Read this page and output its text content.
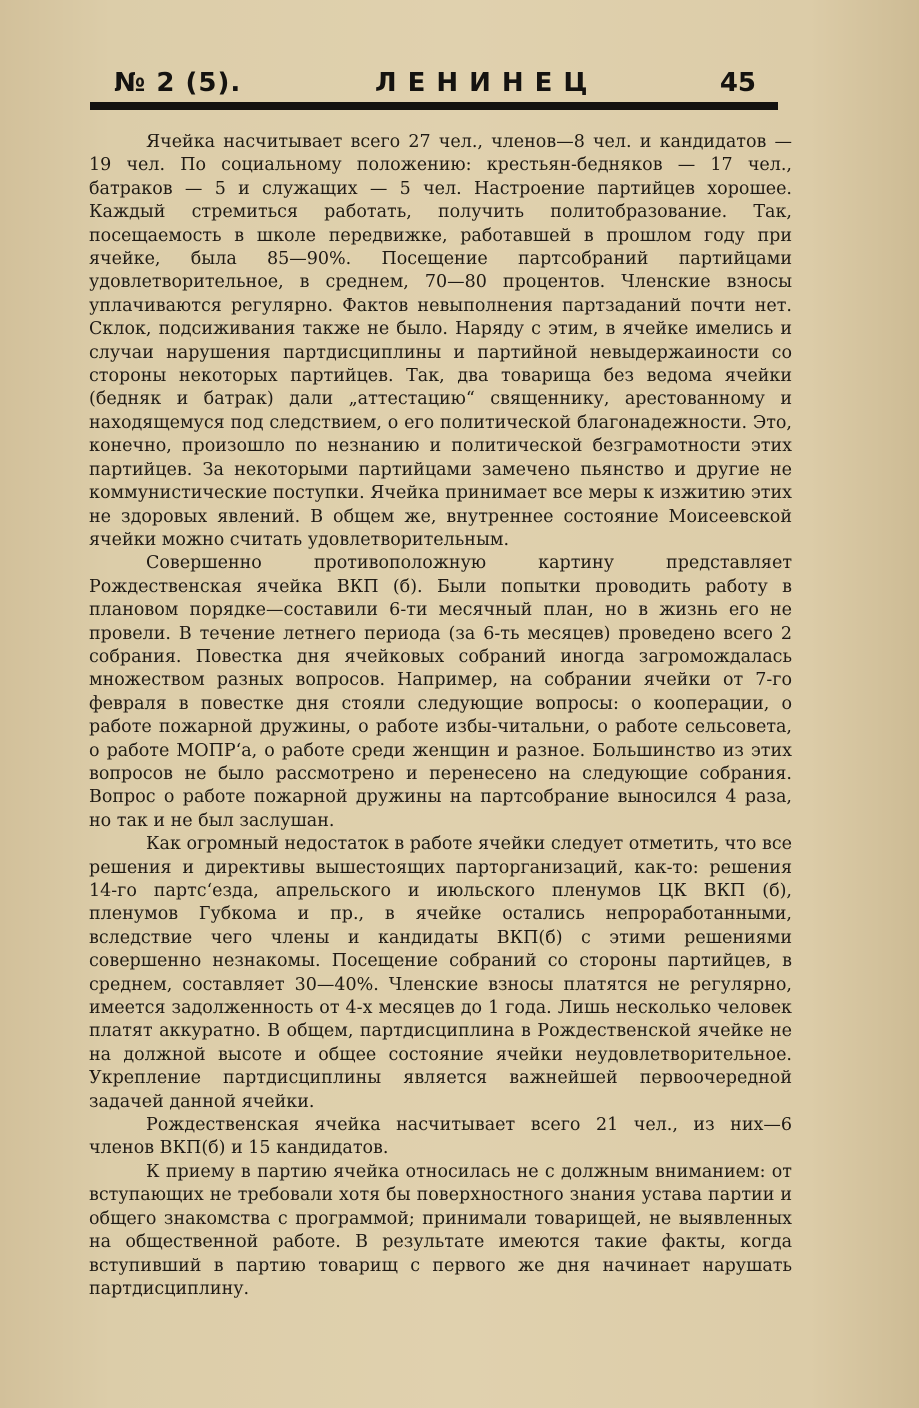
№ 2 (5).	ЛЕНИНЕЦ	45

Ячейка насчитывает всего 27 чел., членов—8 чел. и кандидатов — 19 чел. По социальному положению: крестьян-бедняков — 17 чел., батраков — 5 и служащих — 5 чел. Настроение партийцев хорошее. Каждый стремиться работать, получить политобразование. Так, посещаемость в школе передвижке, работавшей в прошлом году при ячейке, была 85—90%. Посещение партсобраний партийцами удовлетворительное, в среднем, 70—80 процентов. Членские взносы уплачиваются регулярно. Фактов невыполнения партзаданий почти нет. Склок, подсиживания также не было. Наряду с этим, в ячейке имелись и случаи нарушения партдисциплины и партийной невыдержаиности со стороны некоторых партийцев. Так, два товарища без ведома ячейки (бедняк и батрак) дали „аттестацию“ священнику, арестованному и находящемуся под следствием, о его политической благонадежности. Это, конечно, произошло по незнанию и политической безграмотности этих партийцев. За некоторыми партийцами замечено пьянство и другие не коммунистические поступки. Ячейка принимает все меры к изжитию этих не здоровых явлений. В общем же, внутреннее состояние Моисеевской ячейки можно считать удовлетворительным.

Совершенно противоположную картину представляет Рождественская ячейка ВКП (б). Были попытки проводить работу в плановом порядке—составили 6-ти месячный план, но в жизнь его не провели. В течение летнего периода (за 6-ть месяцев) проведено всего 2 собрания. Повестка дня ячейковых собраний иногда загромождалась множеством разных вопросов. Например, на собрании ячейки от 7-го февраля в повестке дня стояли следующие вопросы: о кооперации, о работе пожарной дружины, о работе избы-читальни, о работе сельсовета, о работе МОПР‘а, о работе среди женщин и разное. Большинство из этих вопросов не было рассмотрено и перенесено на следующие собрания. Вопрос о работе пожарной дружины на партсобрание выносился 4 раза, но так и не был заслушан.

Как огромный недостаток в работе ячейки следует отметить, что все решения и директивы вышестоящих парторганизаций, как-то: решения 14-го партс‘езда, апрельского и июльского пленумов ЦК ВКП (б), пленумов Губкома и пр., в ячейке остались непроработанными, вследствие чего члены и кандидаты ВКП(б) с этими решениями совершенно незнакомы. Посещение собраний со стороны партийцев, в среднем, составляет 30—40%. Членские взносы платятся не регулярно, имеется задолженность от 4-х месяцев до 1 года. Лишь несколько человек платят аккуратно. В общем, партдисциплина в Рождественской ячейке не на должной высоте и общее состояние ячейки неудовлетворительное. Укрепление партдисциплины является важнейшей первоочередной задачей данной ячейки.

Рождественская ячейка насчитывает всего 21 чел., из них—6 членов ВКП(б) и 15 кандидатов.

К приему в партию ячейка относилась не с должным вниманием: от вступающих не требовали хотя бы поверхностного знания устава партии и общего знакомства с программой; принимали товарищей, не выявленных на общественной работе. В результате имеются такие факты, когда вступивший в партию товарищ с первого же дня начинает нарушать партдисциплину.
